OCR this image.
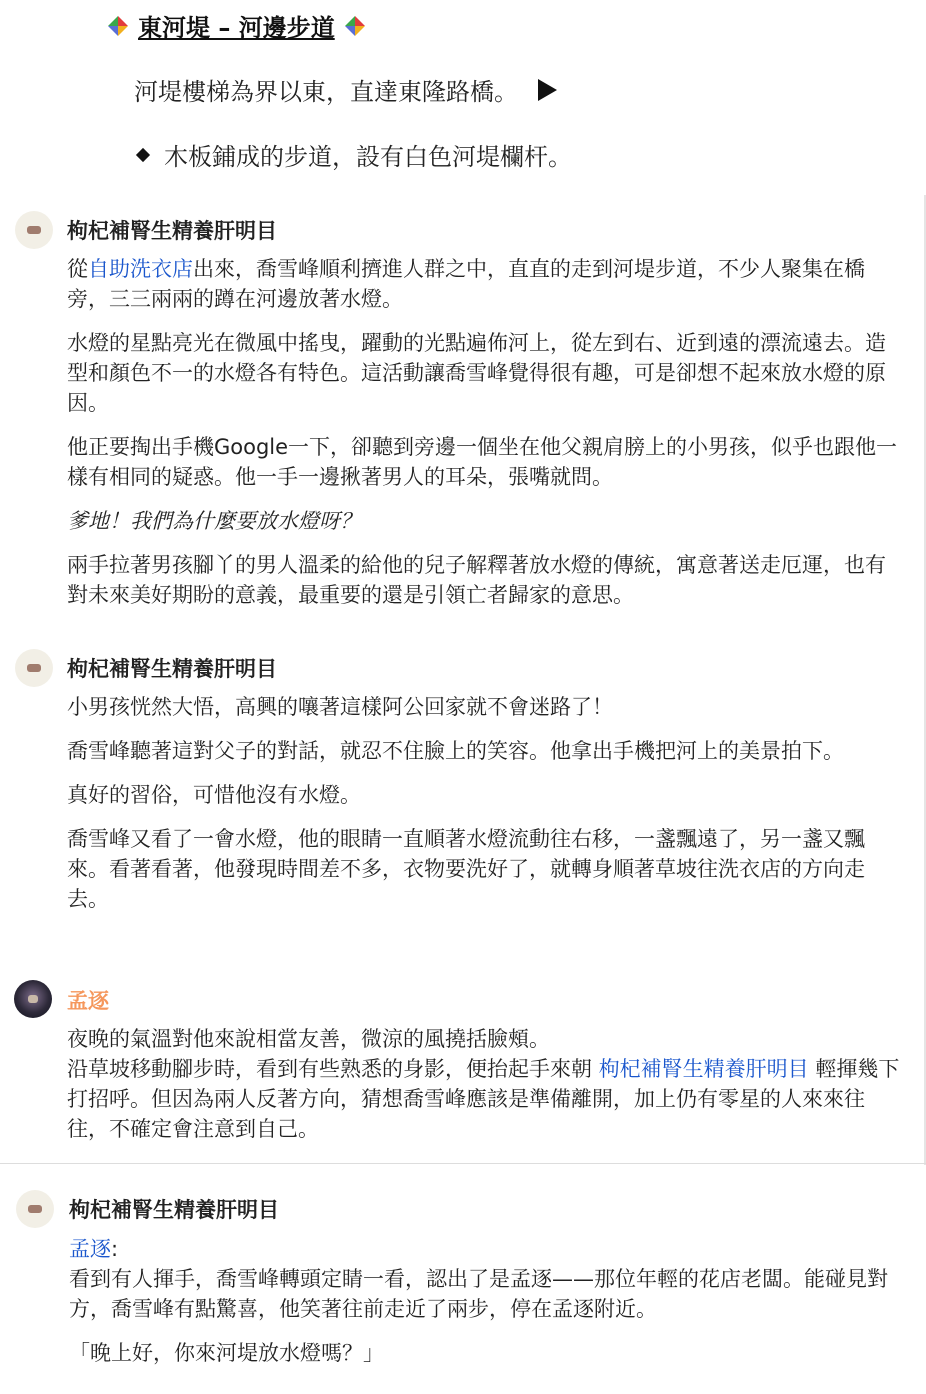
東河堤 – 河邊步道
河堤樓梯為界以東，直達東隆路橋。
木板鋪成的步道，設有白色河堤欄杆。
枸杞補腎生精養肝明目

從自助洗衣店出來，喬雪峰順利擠進人群之中，直直的走到河堤步道，不少人聚集在橋旁，三三兩兩的蹲在河邊放著水燈。

水燈的星點亮光在微風中搖曳，躍動的光點遍佈河上，從左到右、近到遠的漂流遠去。造型和顏色不一的水燈各有特色。這活動讓喬雪峰覺得很有趣，可是卻想不起來放水燈的原因。

他正要掏出手機Google一下，卻聽到旁邊一個坐在他父親肩膀上的小男孩，似乎也跟他一樣有相同的疑惑。他一手一邊揪著男人的耳朵，張嘴就問。

爹地！我們為什麼要放水燈呀？

兩手拉著男孩腳丫的男人溫柔的給他的兒子解釋著放水燈的傳統，寓意著送走厄運，也有對未來美好期盼的意義，最重要的還是引領亡者歸家的意思。

枸杞補腎生精養肝明目

小男孩恍然大悟，高興的嚷著這樣阿公回家就不會迷路了！

喬雪峰聽著這對父子的對話，就忍不住臉上的笑容。他拿出手機把河上的美景拍下。

真好的習俗，可惜他沒有水燈。

喬雪峰又看了一會水燈，他的眼睛一直順著水燈流動往右移，一盞飄遠了，另一盞又飄來。看著看著，他發現時間差不多，衣物要洗好了，就轉身順著草坡往洗衣店的方向走去。

孟逐
夜晚的氣溫對他來說相當友善，微涼的風撓括臉頰。
沿草坡移動腳步時，看到有些熟悉的身影，便抬起手來朝 枸杞補腎生精養肝明目 輕揮幾下打招呼。但因為兩人反著方向，猜想喬雪峰應該是準備離開，加上仍有零星的人來來往往，不確定會注意到自己。
枸杞補腎生精養肝明目
孟逐:

看到有人揮手，喬雪峰轉頭定睛一看，認出了是孟逐——那位年輕的花店老闆。能碰見對方，喬雪峰有點驚喜，他笑著往前走近了兩步，停在孟逐附近。

「晚上好，你來河堤放水燈嗎？」
